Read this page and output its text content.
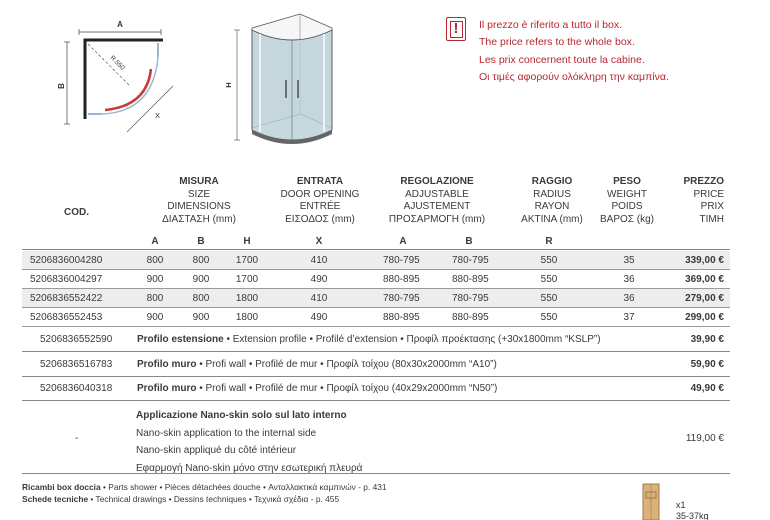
A
B
R.550
X
H
!	Il prezzo è riferito a tutto il box.
The price refers to the whole box.
Les prix concernent toute la cabine.
Οι τιμές αφορούν ολόκληρη την καμπίνα.
COD.
MISURA
SIZE
DIMENSIONS
ΔΙΑΣΤΑΣΗ (mm)
ENTRATA
DOOR OPENING
ENTRÉE
ΕΙΣΟΔΟΣ (mm)
REGOLAZIONE
ADJUSTABLE
AJUSTEMENT
ΠΡΟΣΑΡΜΟΓΗ (mm)
RAGGIO
RADIUS
RAYON
ΑΚΤΙΝΑ (mm)
PESO
WEIGHT
POIDS
ΒΑΡΟΣ (kg)
PREZZO
PRICE
PRIX
ΤΙΜΗ
A	B	H	X	A	B	R
5206836004280	800	800	1700	410	780-795	780-795	550	35	339,00 €
5206836004297	900	900	1700	490	880-895	880-895	550	36	369,00 €
5206836552422	800	800	1800	410	780-795	780-795	550	36	279,00 €
5206836552453	900	900	1800	490	880-895	880-895	550	37	299,00 €
5206836552590 Profilo estensione • Extension profile • Profilé d’extension • Προφίλ προέκτασης (+30x1800mm “KSLP”)	39,90 €
5206836516783 Profilo muro • Profi wall • Profilé de mur • Προφίλ τοίχου (80x30x2000mm “A10”)	59,90 €
5206836040318 Profilo muro • Profi wall • Profilé de mur • Προφίλ τοίχου (40x29x2000mm “N50”)	49,90 €
-
Applicazione Nano-skin solo sul lato interno
Nano-skin application to the internal side
Nano-skin appliqué du côté intérieur
Εφαρμογή Nano-skin μόνο στην εσωτερική πλευρά
119,00 €
Ricambi box doccia • Parts shower • Pièces détachées douche • Ανταλλακτικά καμπινών - p. 431
Schede tecniche • Technical drawings • Dessins techniques • Τεχνικά σχέδια - p. 455
x1
35-37kg
